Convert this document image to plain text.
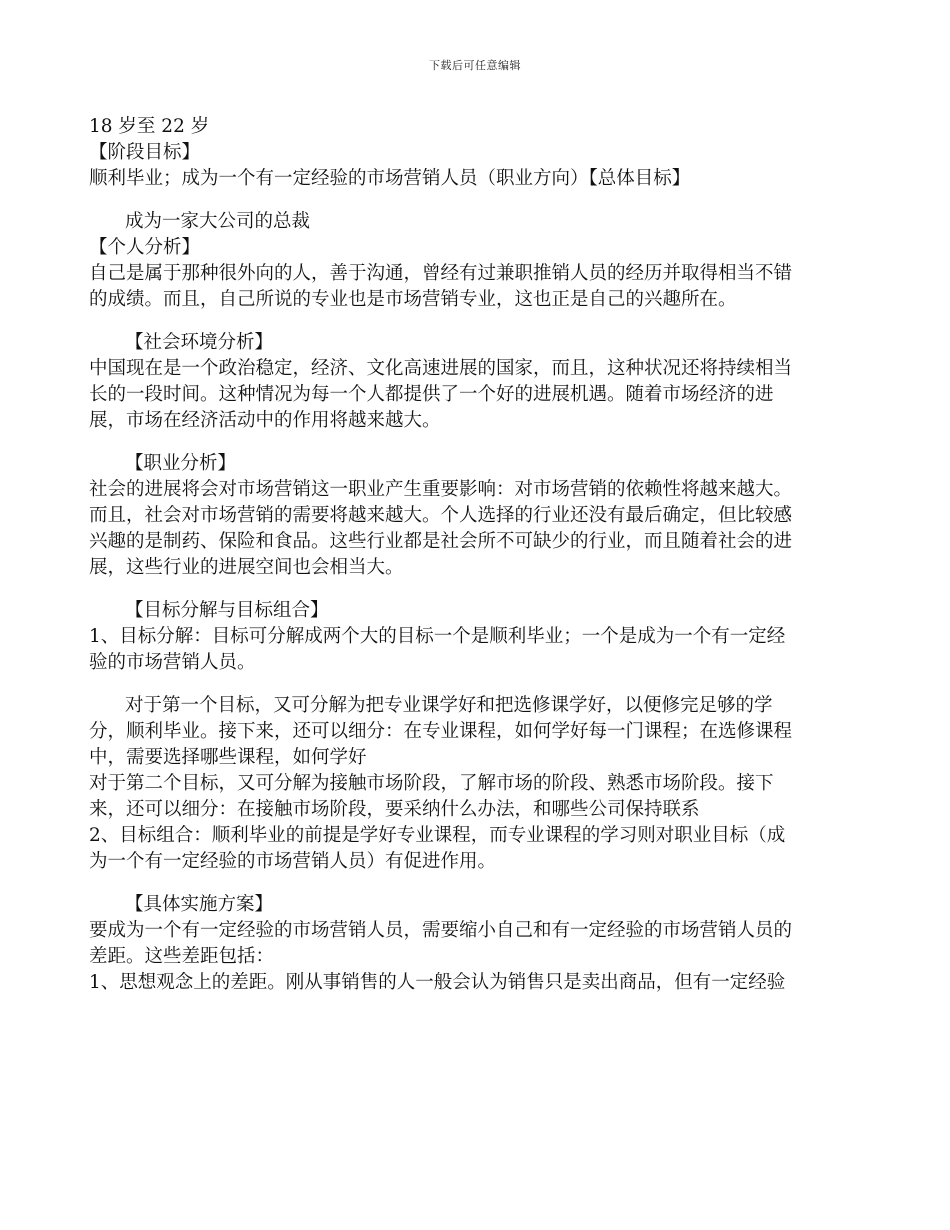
下载后可任意编辑
18 岁至 22 岁
【阶段目标】
顺利毕业；成为一个有一定经验的市场营销人员（职业方向）【总体目标】
成为一家大公司的总裁
【个人分析】
自己是属于那种很外向的人，善于沟通，曾经有过兼职推销人员的经历并取得相当不错
的成绩。而且，自己所说的专业也是市场营销专业，这也正是自己的兴趣所在。
【社会环境分析】
中国现在是一个政治稳定，经济、文化高速进展的国家，而且，这种状况还将持续相当
长的一段时间。这种情况为每一个人都提供了一个好的进展机遇。随着市场经济的进
展，市场在经济活动中的作用将越来越大。
【职业分析】
社会的进展将会对市场营销这一职业产生重要影响：对市场营销的依赖性将越来越大。
而且，社会对市场营销的需要将越来越大。个人选择的行业还没有最后确定，但比较感
兴趣的是制药、保险和食品。这些行业都是社会所不可缺少的行业，而且随着社会的进
展，这些行业的进展空间也会相当大。
【目标分解与目标组合】
1、目标分解：目标可分解成两个大的目标一个是顺利毕业；一个是成为一个有一定经
验的市场营销人员。
对于第一个目标，又可分解为把专业课学好和把选修课学好，以便修完足够的学
分，顺利毕业。接下来，还可以细分：在专业课程，如何学好每一门课程；在选修课程
中，需要选择哪些课程，如何学好
对于第二个目标，又可分解为接触市场阶段，了解市场的阶段、熟悉市场阶段。接下
来，还可以细分：在接触市场阶段，要采纳什么办法，和哪些公司保持联系
2、目标组合：顺利毕业的前提是学好专业课程，而专业课程的学习则对职业目标（成
为一个有一定经验的市场营销人员）有促进作用。
【具体实施方案】
要成为一个有一定经验的市场营销人员，需要缩小自己和有一定经验的市场营销人员的
差距。这些差距包括：
1、思想观念上的差距。刚从事销售的人一般会认为销售只是卖出商品，但有一定经验
